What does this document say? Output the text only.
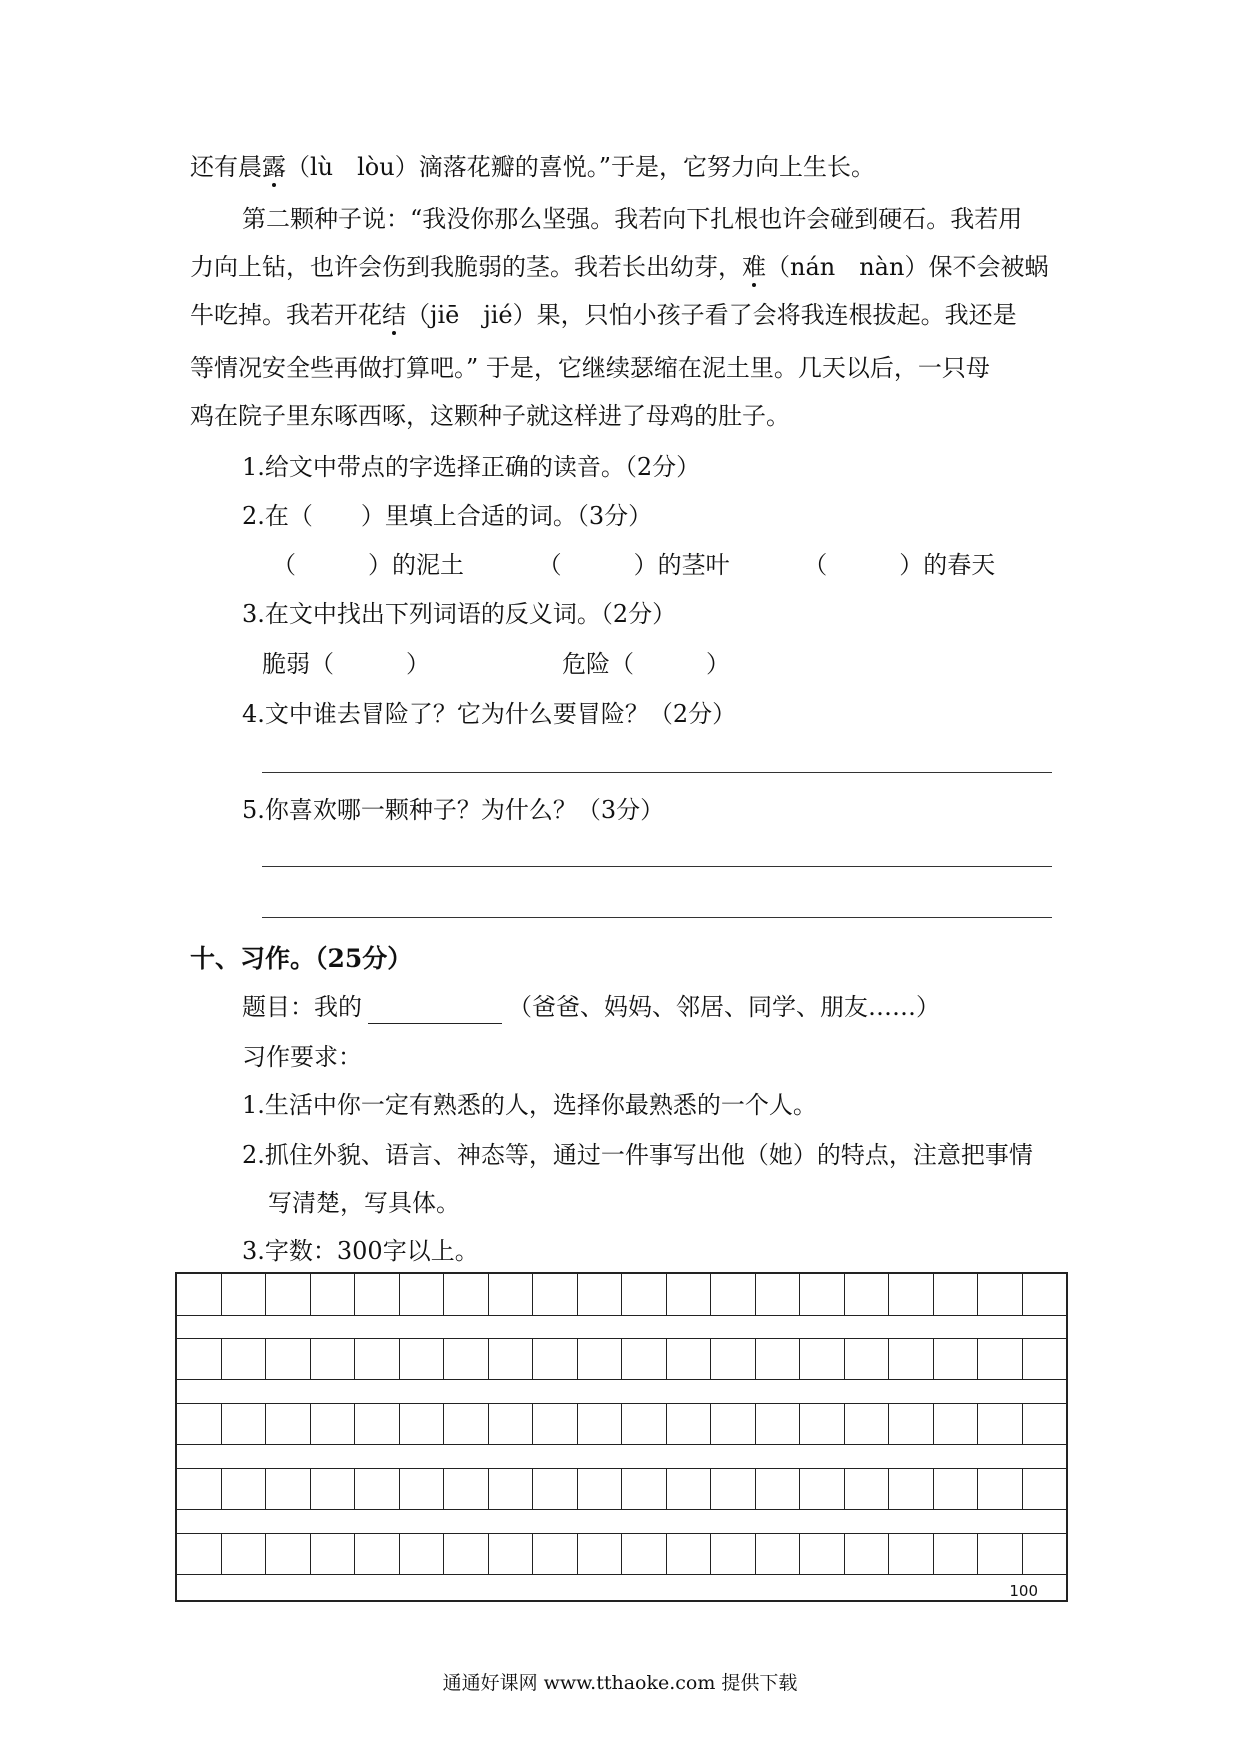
还有晨露（lù　lòu）滴落花瓣的喜悦。”于是，它努力向上生长。
第二颗种子说：“我没你那么坚强。我若向下扎根也许会碰到硬石。我若用
力向上钻，也许会伤到我脆弱的茎。我若长出幼芽，难（nán　nàn）保不会被蜗
牛吃掉。我若开花结（jiē　jié）果，只怕小孩子看了会将我连根拔起。我还是
等情况安全些再做打算吧。” 于是，它继续瑟缩在泥土里。几天以后，一只母
鸡在院子里东啄西啄，这颗种子就这样进了母鸡的肚子。
1.给文中带点的字选择正确的读音。（2分）
2.在（　　）里填上合适的词。（3分）
（　　　）的泥土	（　　　）的茎叶	（　　　）的春天
3.在文中找出下列词语的反义词。（2分）
脆弱（　　　）	危险（　　　）
4.文中谁去冒险了？它为什么要冒险？（2分）
5.你喜欢哪一颗种子？为什么？（3分）
十、习作。（25分）
题目：我的	（爸爸、妈妈、邻居、同学、朋友……）
习作要求：
1.生活中你一定有熟悉的人，选择你最熟悉的一个人。
2.抓住外貌、语言、神态等，通过一件事写出他（她）的特点，注意把事情
写清楚，写具体。
3.字数：300字以上。
100
通通好课网 www.tthaoke.com 提供下载
